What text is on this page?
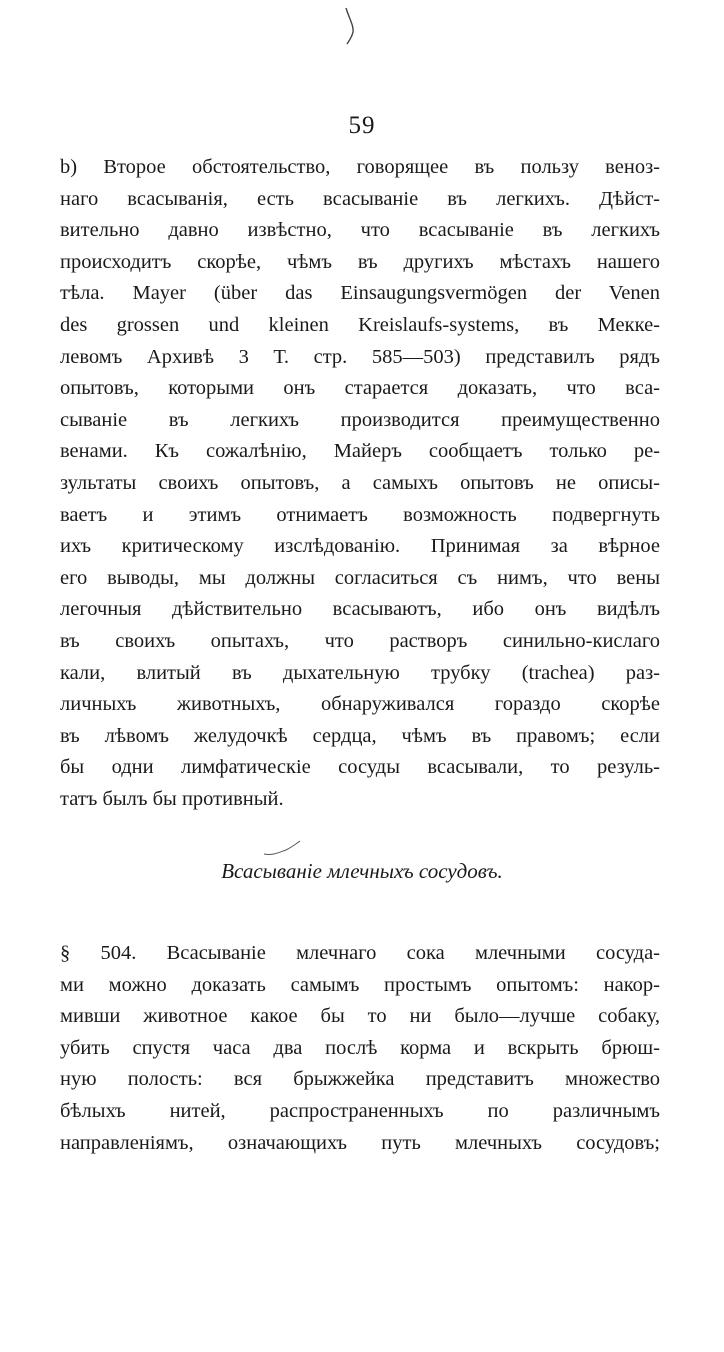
59
b) Второе обстоятельство, говорящее въ пользу веноз-
наго всасыванія, есть всасываніе въ легкихъ. Дѣйст-
вительно давно извѣстно, что всасываніе въ легкихъ
происходитъ скорѣе, чѣмъ въ другихъ мѣстахъ нашего
тѣла. Mayer (über das Einsaugungsvermögen der Venen
des grossen und kleinen Kreislaufs-systems, въ Мекке-
левомъ Архивѣ 3 Т. стр. 585—503) представилъ рядъ
опытовъ, которыми онъ старается доказать, что вса-
сываніе въ легкихъ производится преимущественно
венами. Къ сожалѣнію, Майеръ сообщаетъ только ре-
зультаты своихъ опытовъ, а самыхъ опытовъ не описы-
ваетъ и этимъ отнимаетъ возможность подвергнуть
ихъ критическому изслѣдованію. Принимая за вѣрное
его выводы, мы должны согласиться съ нимъ, что вены
легочныя дѣйствительно всасываютъ, ибо онъ видѣлъ
въ своихъ опытахъ, что растворъ синильно-кислаго
кали, влитый въ дыхательную трубку (trachea) раз-
личныхъ животныхъ, обнаруживался гораздо скорѣе
въ лѣвомъ желудочкѣ сердца, чѣмъ въ правомъ; если
бы одни лимфатическіе сосуды всасывали, то резуль-
татъ былъ бы противный.
Всасываніе млечныхъ сосудовъ.
§ 504. Всасываніе млечнаго сока млечными сосуда-
ми можно доказать самымъ простымъ опытомъ: накор-
мивши животное какое бы то ни было—лучше собаку,
убить спустя часа два послѣ корма и вскрыть брюш-
ную полость: вся брыжжейка представитъ множество
бѣлыхъ нитей, распространенныхъ по различнымъ
направленіямъ, означающихъ путь млечныхъ сосудовъ;
